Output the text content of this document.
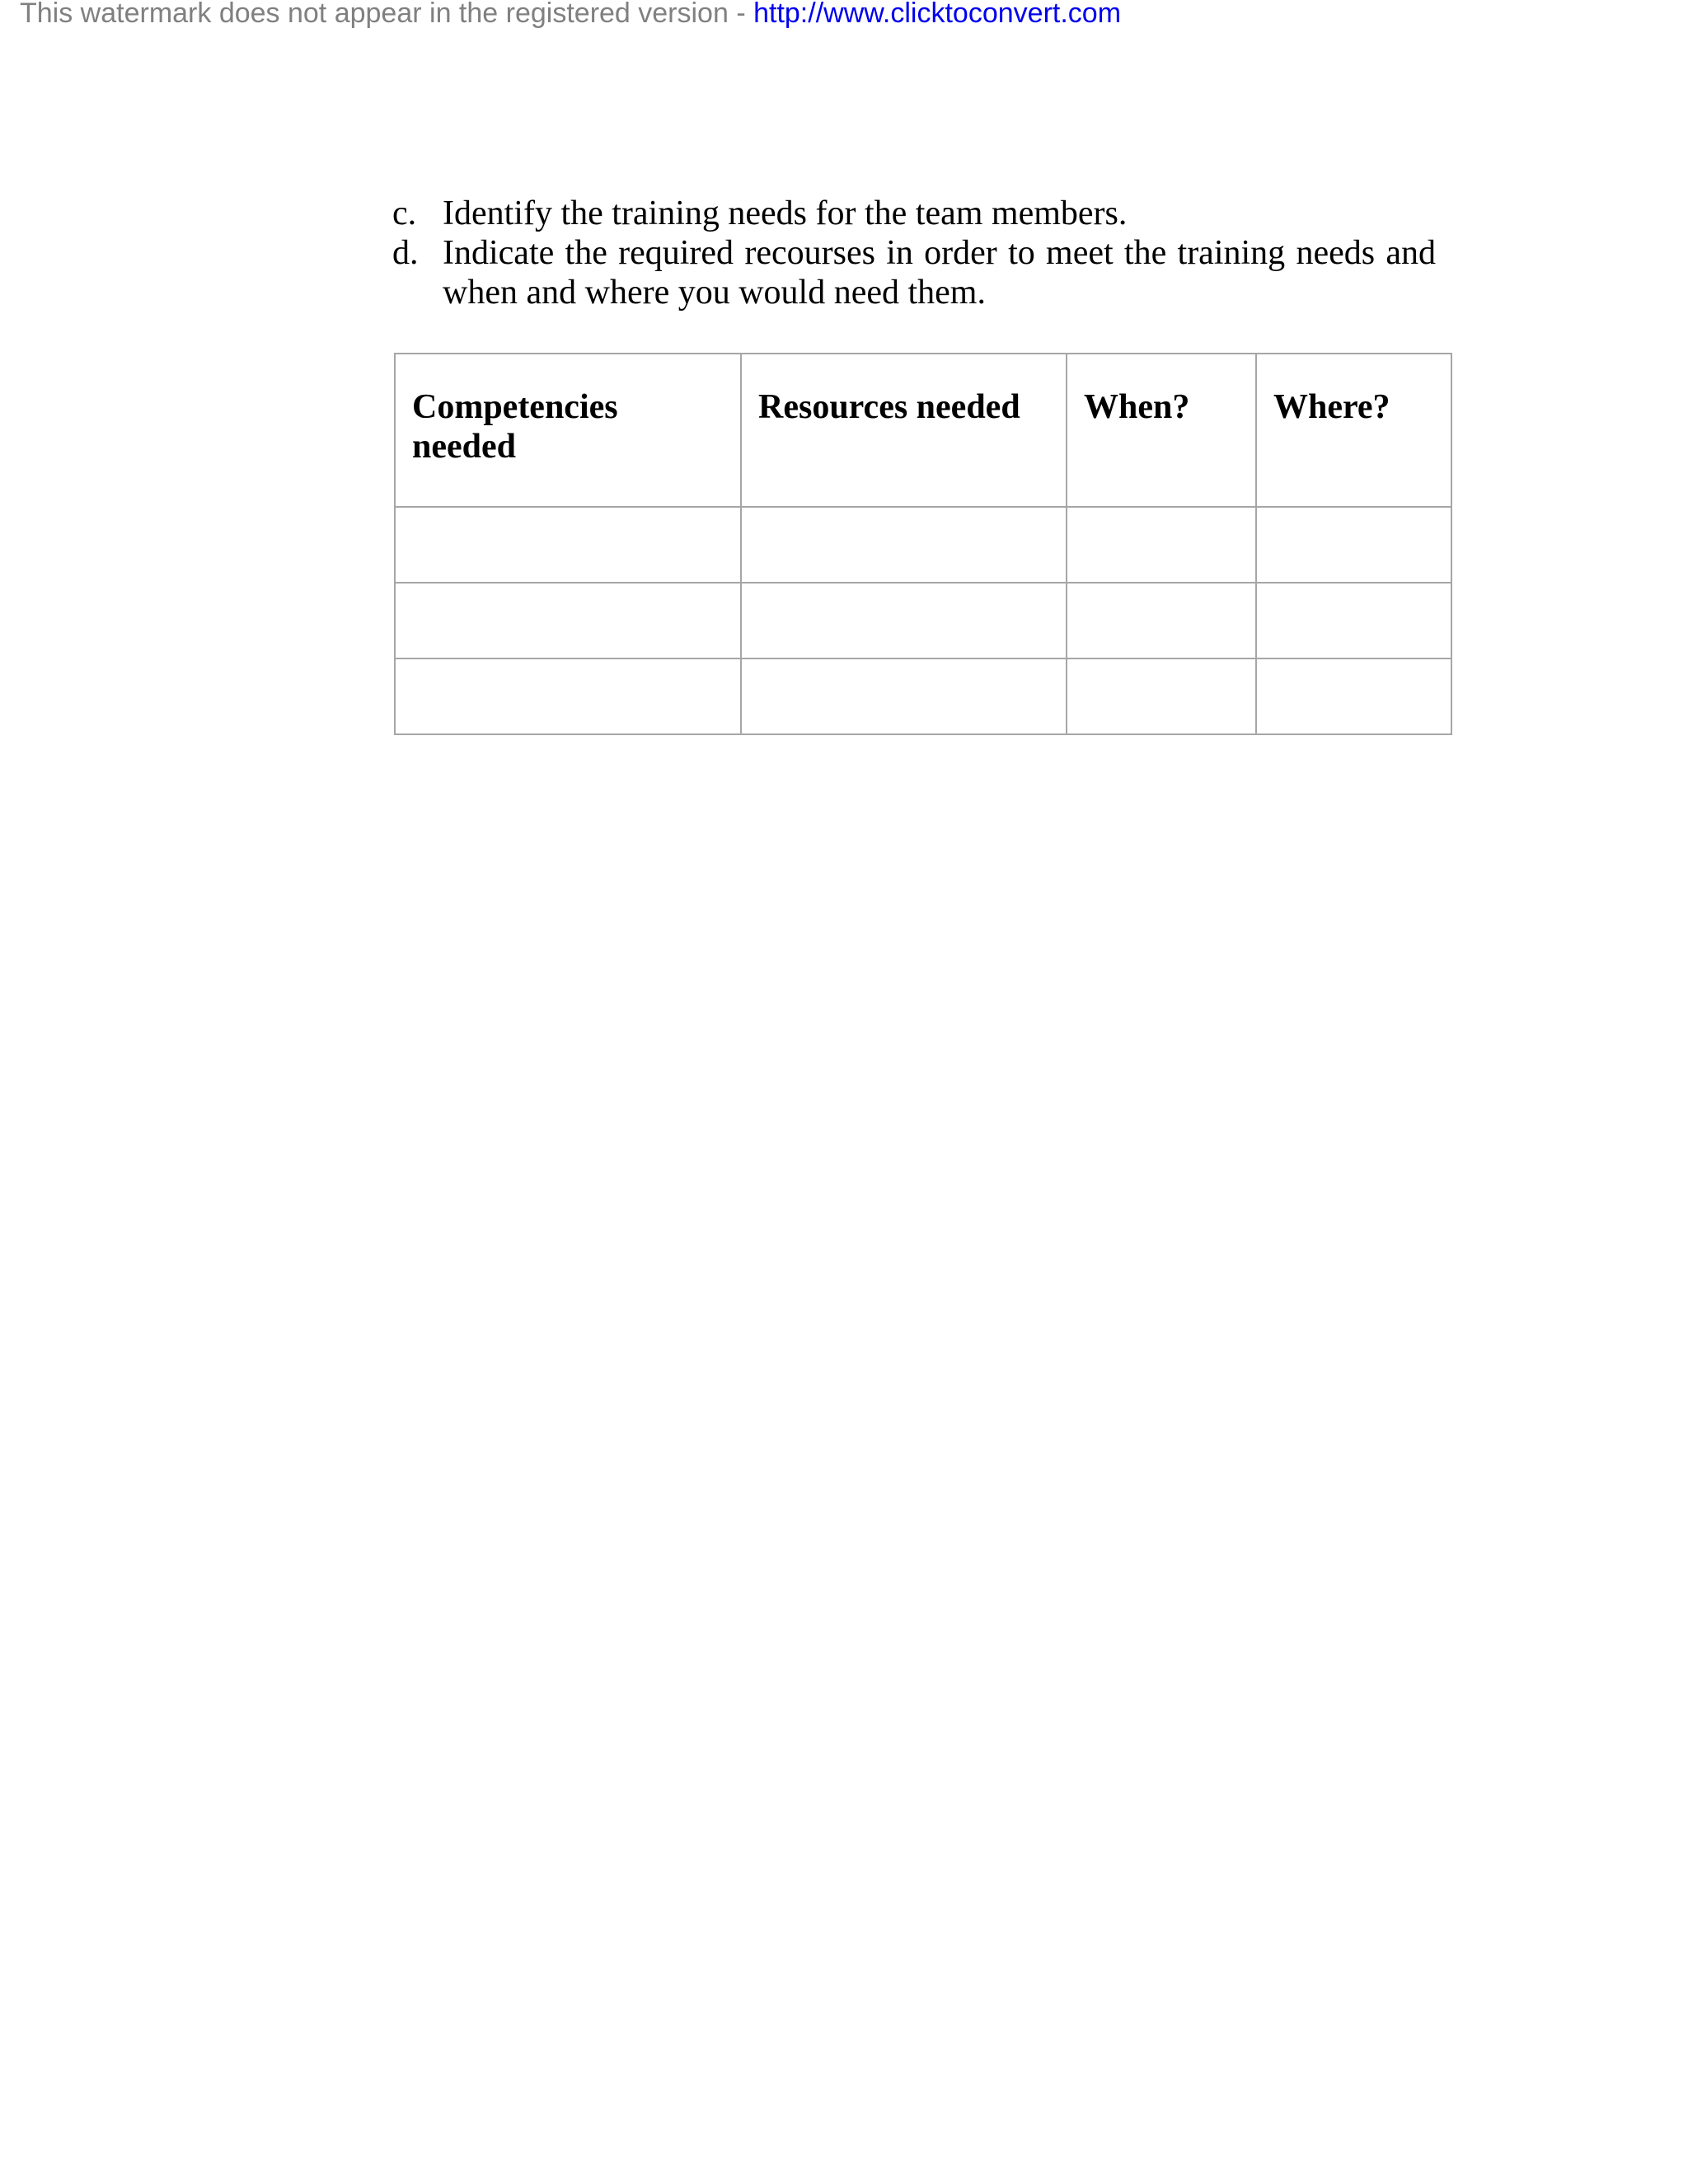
This watermark does not appear in the registered version - http://www.clicktoconvert.com
c. Identify the training needs for the team members.
d. Indicate the required recourses in order to meet the training needs and when and where you would need them.
Competencies needed	Resources needed	When?	Where?
